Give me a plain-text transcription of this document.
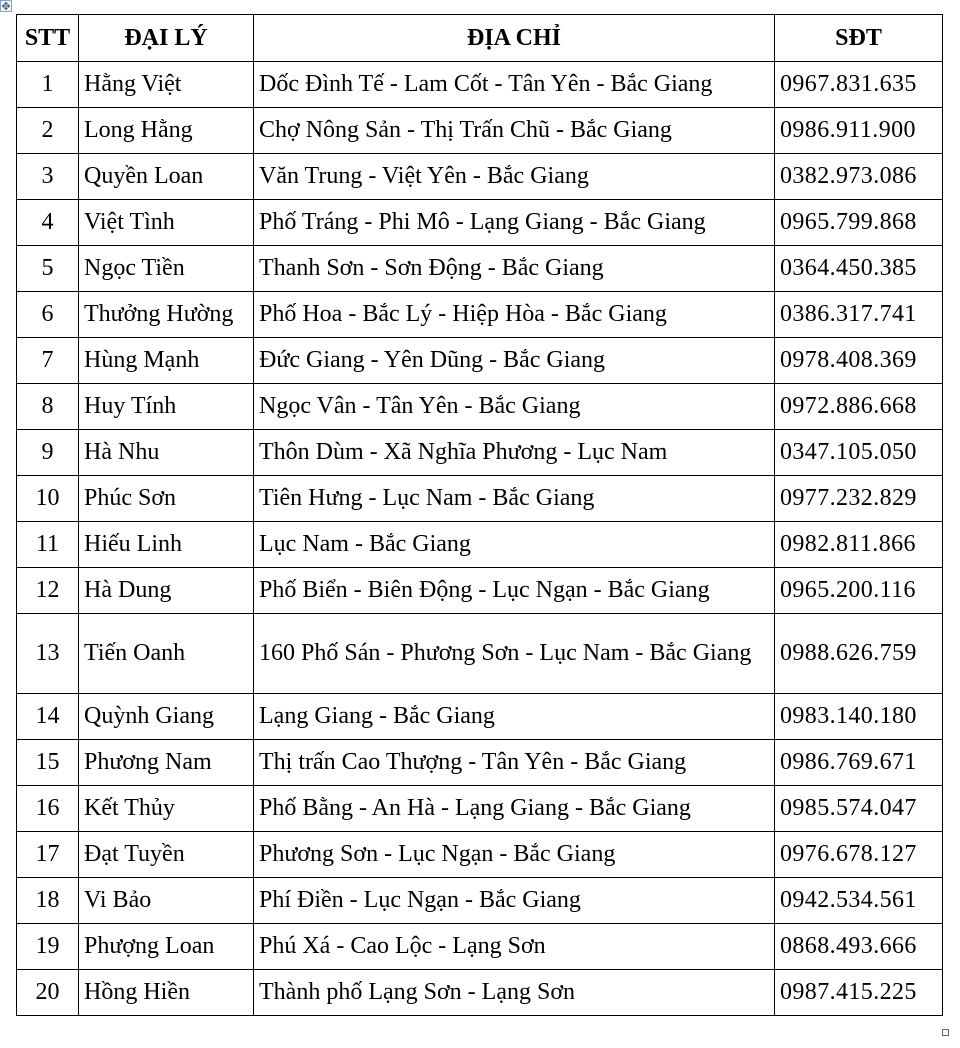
✥
STT	ĐẠI LÝ	ĐỊA CHỈ	SĐT
1	Hằng Việt	Dốc Đình Tế - Lam Cốt - Tân Yên - Bắc Giang	0967.831.635
2	Long Hằng	Chợ Nông Sản - Thị Trấn Chũ - Bắc Giang	0986.911.900
3	Quyền Loan	Văn Trung - Việt Yên - Bắc Giang	0382.973.086
4	Việt Tình	Phố Tráng - Phi Mô - Lạng Giang - Bắc Giang	0965.799.868
5	Ngọc Tiền	Thanh Sơn - Sơn Động - Bắc Giang	0364.450.385
6	Thưởng Hường	Phố Hoa - Bắc Lý - Hiệp Hòa - Bắc Giang	0386.317.741
7	Hùng Mạnh	Đức Giang - Yên Dũng - Bắc Giang	0978.408.369
8	Huy Tính	Ngọc Vân - Tân Yên - Bắc Giang	0972.886.668
9	Hà Nhu	Thôn Dùm - Xã Nghĩa Phương - Lục Nam	0347.105.050
10	Phúc Sơn	Tiên Hưng - Lục Nam - Bắc Giang	0977.232.829
11	Hiếu Linh	Lục Nam - Bắc Giang	0982.811.866
12	Hà Dung	Phố Biển - Biên Động - Lục Ngạn - Bắc Giang	0965.200.116
13	Tiến Oanh	160 Phố Sán - Phương Sơn - Lục Nam - Bắc Giang	0988.626.759
14	Quỳnh Giang	Lạng Giang - Bắc Giang	0983.140.180
15	Phương Nam	Thị trấn Cao Thượng - Tân Yên - Bắc Giang	0986.769.671
16	Kết Thủy	Phố Bằng - An Hà - Lạng Giang - Bắc Giang	0985.574.047
17	Đạt Tuyền	Phương Sơn - Lục Ngạn - Bắc Giang	0976.678.127
18	Vi Bảo	Phí Điền - Lục Ngạn - Bắc Giang	0942.534.561
19	Phượng Loan	Phú Xá - Cao Lộc - Lạng Sơn	0868.493.666
20	Hồng Hiền	Thành phố Lạng Sơn - Lạng Sơn	0987.415.225
